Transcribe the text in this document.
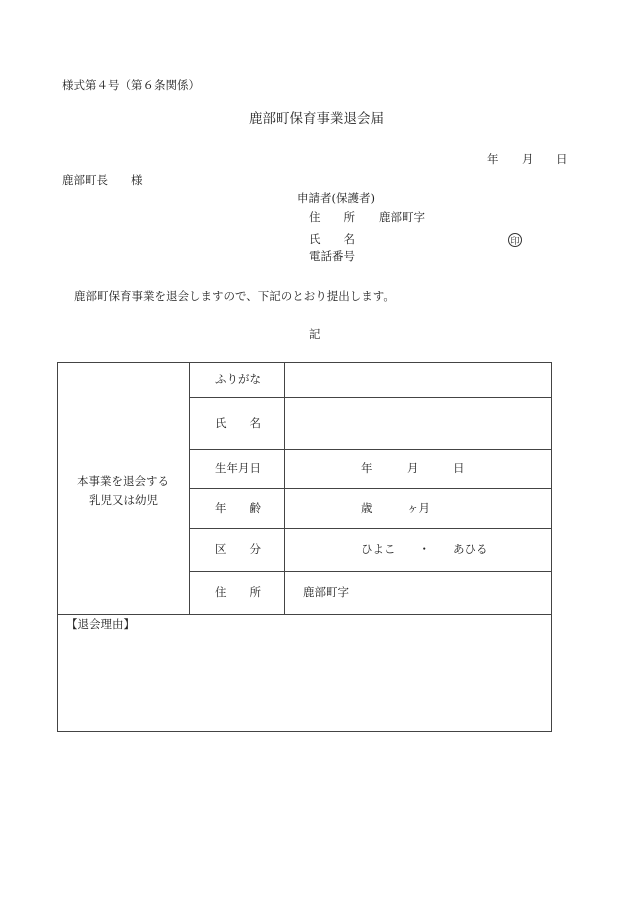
様式第４号（第６条関係）
鹿部町保育事業退会届
年 月 日
鹿部町長　　様
申請者(保護者)
住　　所 鹿部町字
氏　　名	印
電話番号
鹿部町保育事業を退会しますので、下記のとおり提出します。
記
本事業を退会する
乳児又は幼児
ふりがな
氏　　名
生年月日	年　　　月　　　日
年　　齢	歳　　　ヶ月
区　　分	ひよこ　　・　　あひる
住　　所	鹿部町字
【退会理由】
